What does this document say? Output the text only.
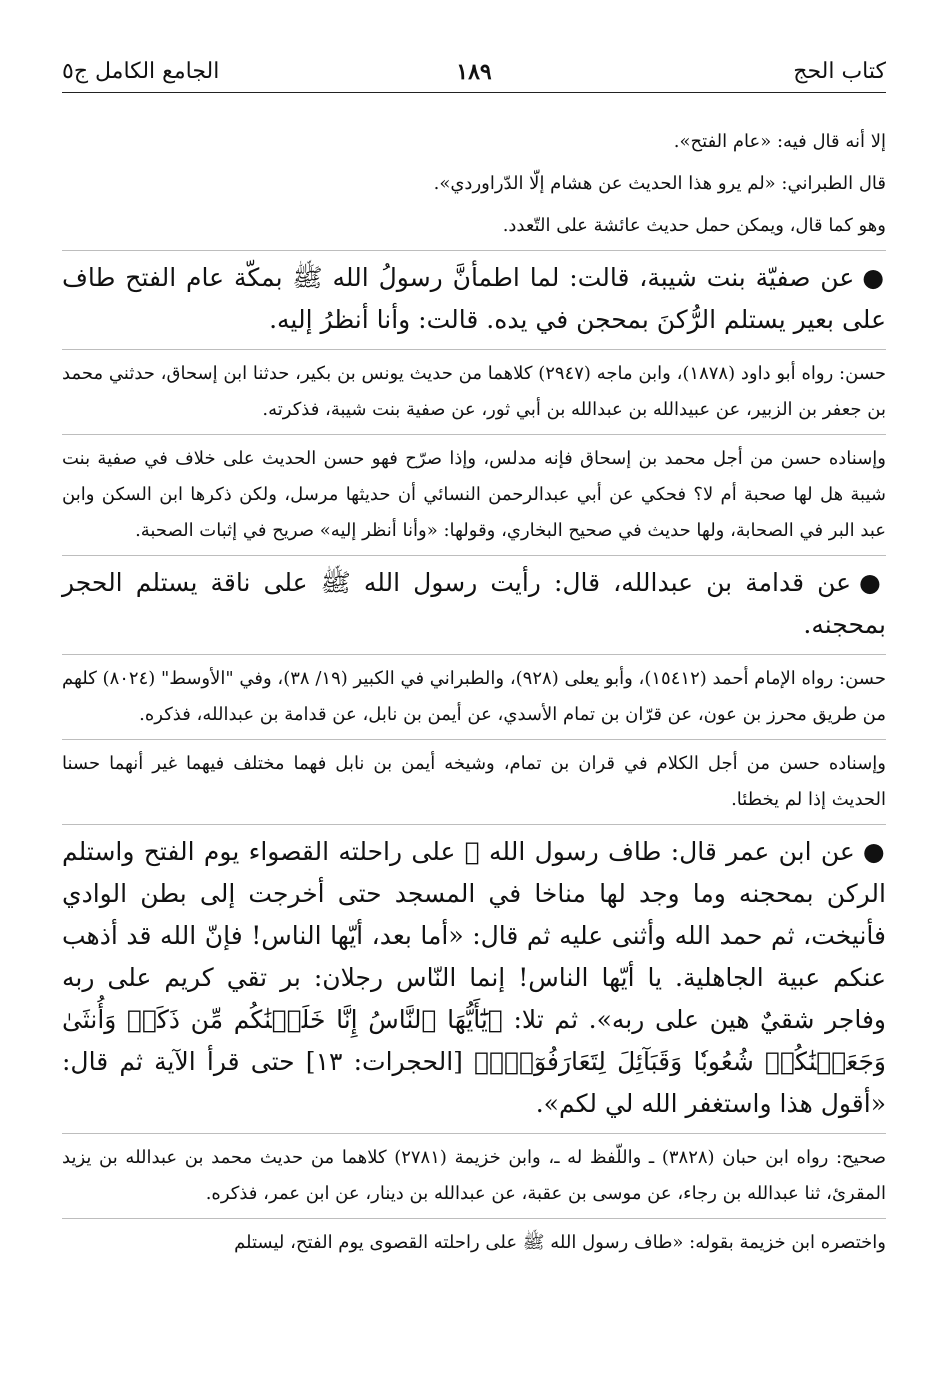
كتاب الحج
١٨٩
الجامع الكامل ج٥

إلا أنه قال فيه: «عام الفتح».

قال الطبراني: «لم يرو هذا الحديث عن هشام إلّا الدّراوردي».

وهو كما قال، ويمكن حمل حديث عائشة على التّعدد.

●عن صفيّة بنت شيبة، قالت: لما اطمأنَّ رسولُ الله ﷺ بمكّة عام الفتح طاف على بعير يستلم الرُّكنَ بمحجن في يده. قالت: وأنا أنظرُ إليه.

حسن: رواه أبو داود (١٨٧٨)، وابن ماجه (٢٩٤٧) كلاهما من حديث يونس بن بكير، حدثنا ابن إسحاق، حدثني محمد بن جعفر بن الزبير، عن عبيدالله بن عبدالله بن أبي ثور، عن صفية بنت شيبة، فذكرته.

وإسناده حسن من أجل محمد بن إسحاق فإنه مدلس، وإذا صرّح فهو حسن الحديث على خلاف في صفية بنت شيبة هل لها صحبة أم لا؟ فحكي عن أبي عبدالرحمن النسائي أن حديثها مرسل، ولكن ذكرها ابن السكن وابن عبد البر في الصحابة، ولها حديث في صحيح البخاري، وقولها: «وأنا أنظر إليه» صريح في إثبات الصحبة.

●عن قدامة بن عبدالله، قال: رأيت رسول الله ﷺ على ناقة يستلم الحجر بمحجنه.

حسن: رواه الإمام أحمد (١٥٤١٢)، وأبو يعلى (٩٢٨)، والطبراني في الكبير (١٩/ ٣٨)، وفي "الأوسط" (٨٠٢٤) كلهم من طريق محرز بن عون، عن قرّان بن تمام الأسدي، عن أيمن بن نابل، عن قدامة بن عبدالله، فذكره.

وإسناده حسن من أجل الكلام في قران بن تمام، وشيخه أيمن بن نابل فهما مختلف فيهما غير أنهما حسنا الحديث إذا لم يخطئا.

●عن ابن عمر قال: طاف رسول الله ﷺ على راحلته القصواء يوم الفتح واستلم الركن بمحجنه وما وجد لها مناخا في المسجد حتى أخرجت إلى بطن الوادي فأنيخت، ثم حمد الله وأثنى عليه ثم قال: «أما بعد، أيّها الناس! فإنّ الله قد أذهب عنكم عبية الجاهلية. يا أيّها الناس! إنما النّاس رجلان: بر تقي كريم على ربه وفاجر شقيٌ هين على ربه». ثم تلا: ﴿يَٰٓأَيُّهَا ٱلنَّاسُ إِنَّا خَلَقۡنَٰكُم مِّن ذَكَرٖ وَأُنثَىٰ وَجَعَلۡنَٰكُمۡ شُعُوبٗا وَقَبَآئِلَ لِتَعَارَفُوٓاْۚ﴾ [الحجرات: ١٣] حتى قرأ الآية ثم قال: «أقول هذا واستغفر الله لي لكم».

صحيح: رواه ابن حبان (٣٨٢٨) ـ واللّفظ له ـ، وابن خزيمة (٢٧٨١) كلاهما من حديث محمد بن عبدالله بن يزيد المقرئ، ثنا عبدالله بن رجاء، عن موسى بن عقبة، عن عبدالله بن دينار، عن ابن عمر، فذكره.

واختصره ابن خزيمة بقوله: «طاف رسول الله ﷺ على راحلته القصوى يوم الفتح، ليستلم
